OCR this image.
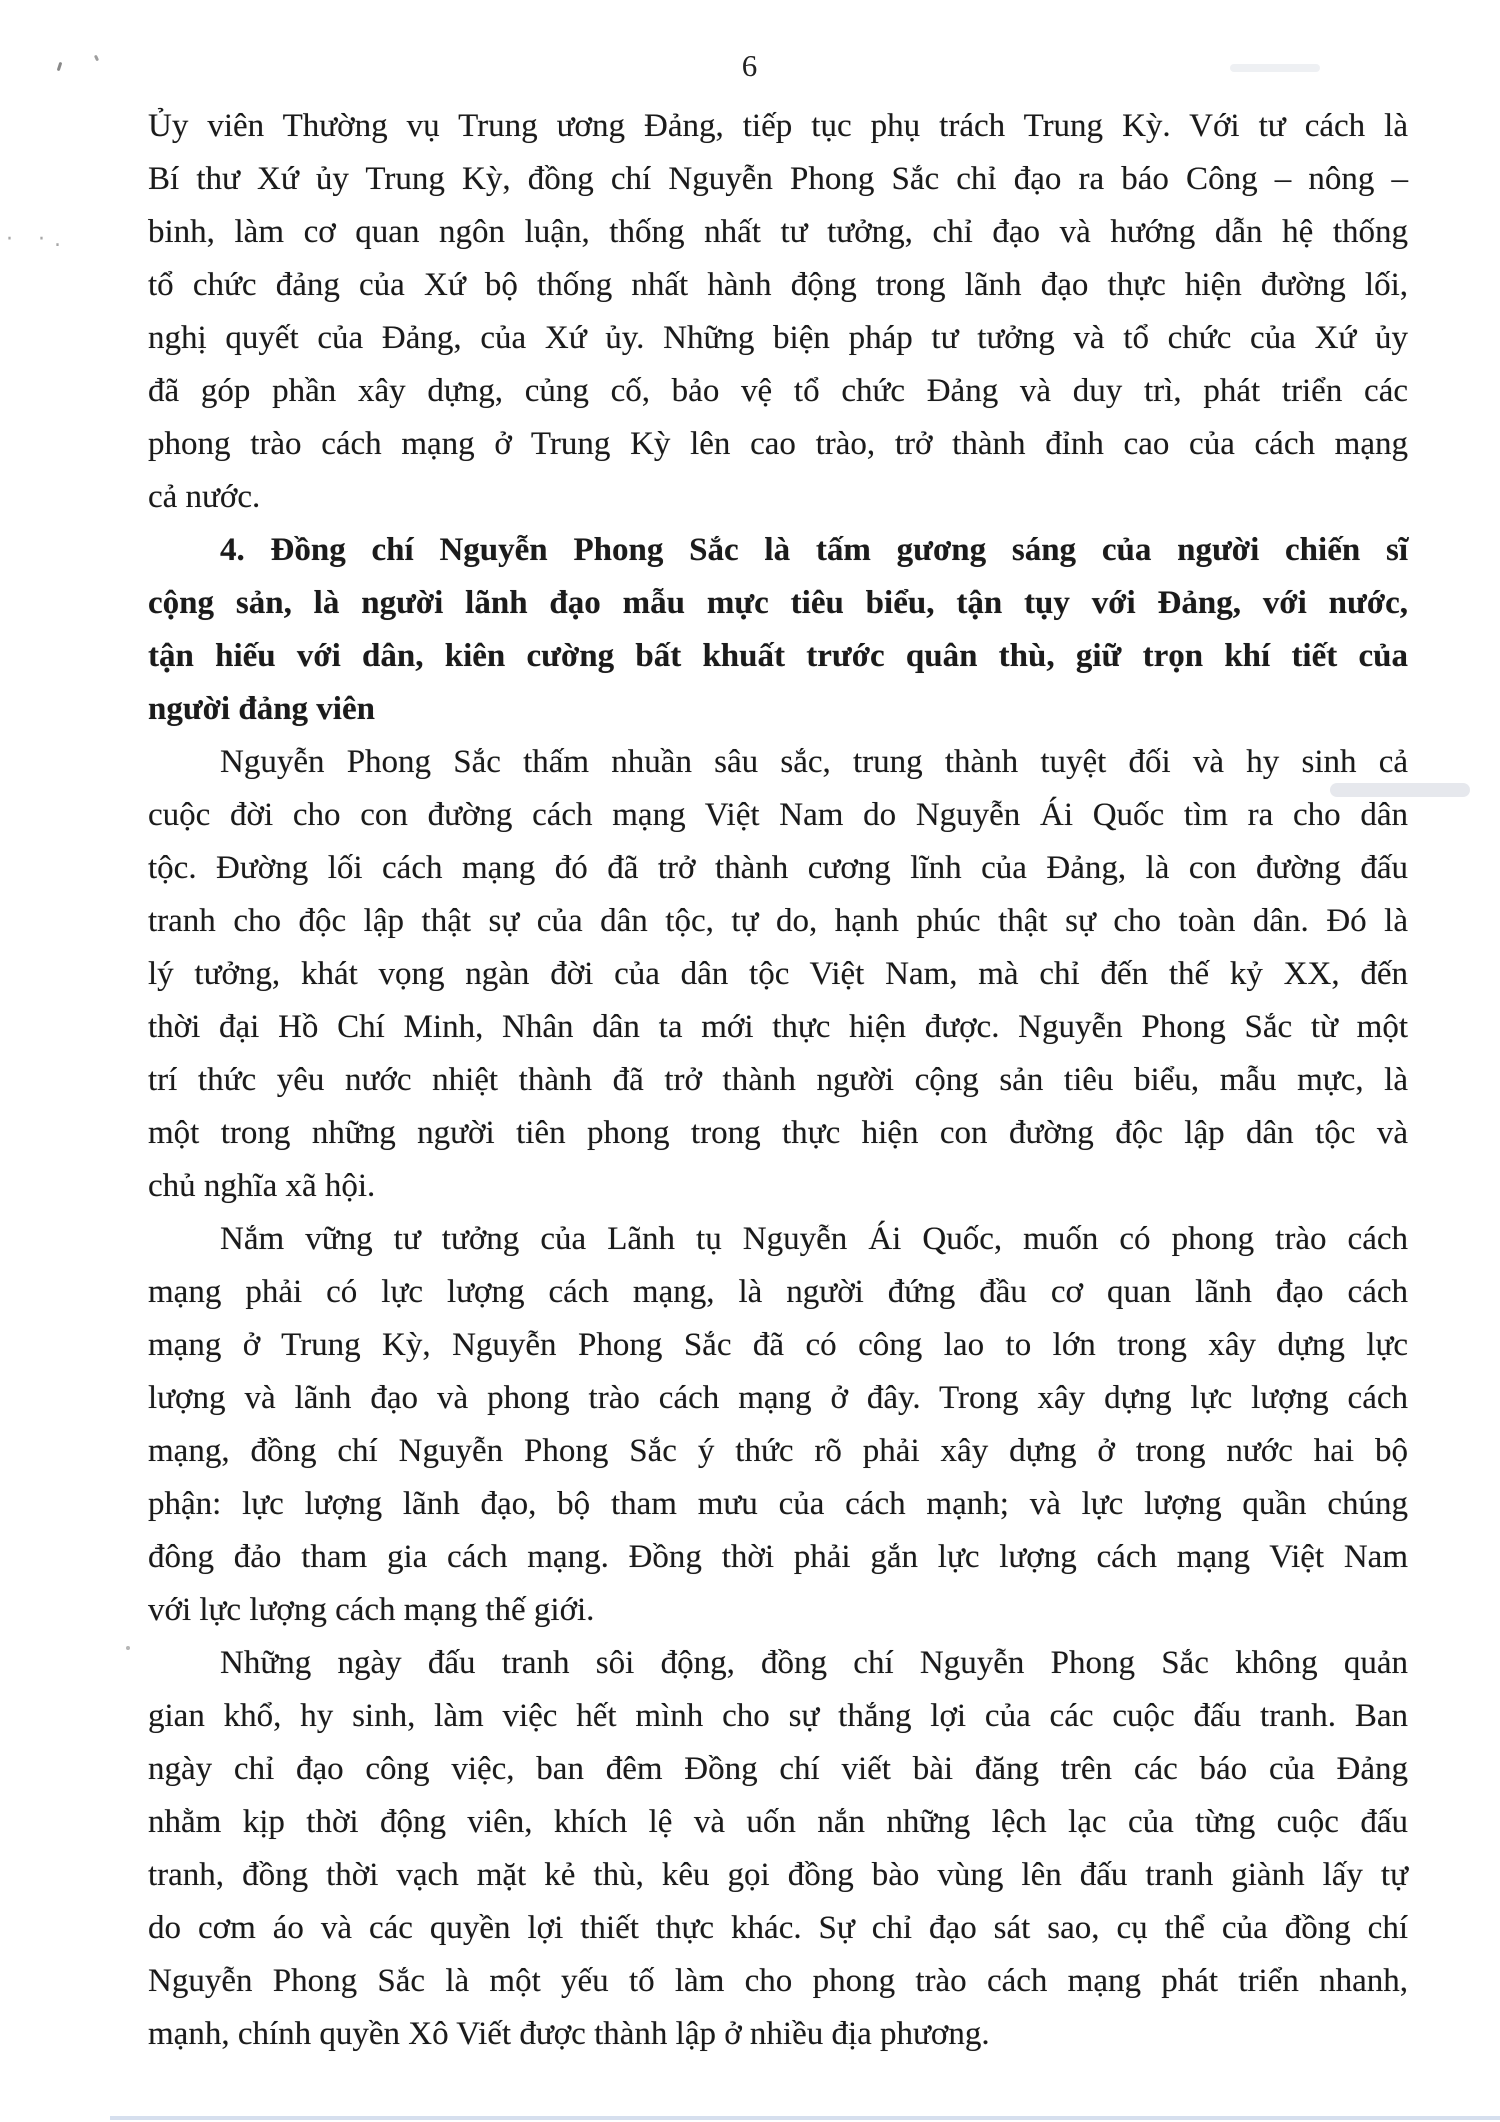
6
· ·.
Ủy viên Thường vụ Trung ương Đảng, tiếp tục phụ trách Trung Kỳ. Với tư cách là
Bí thư Xứ ủy Trung Kỳ, đồng chí Nguyễn Phong Sắc chỉ đạo ra báo Công – nông –
binh, làm cơ quan ngôn luận, thống nhất tư tưởng, chỉ đạo và hướng dẫn hệ thống
tổ chức đảng của Xứ bộ thống nhất hành động trong lãnh đạo thực hiện đường lối,
nghị quyết của Đảng, của Xứ ủy. Những biện pháp tư tưởng và tổ chức của Xứ ủy
đã góp phần xây dựng, củng cố, bảo vệ tổ chức Đảng và duy trì, phát triển các
phong trào cách mạng ở Trung Kỳ lên cao trào, trở thành đỉnh cao của cách mạng
cả nước.
4. Đồng chí Nguyễn Phong Sắc là tấm gương sáng của người chiến sĩ
cộng sản, là người lãnh đạo mẫu mực tiêu biểu, tận tụy với Đảng, với nước,
tận hiếu với dân, kiên cường bất khuất trước quân thù, giữ trọn khí tiết của
người đảng viên
Nguyễn Phong Sắc thấm nhuần sâu sắc, trung thành tuyệt đối và hy sinh cả
cuộc đời cho con đường cách mạng Việt Nam do Nguyễn Ái Quốc tìm ra cho dân
tộc. Đường lối cách mạng đó đã trở thành cương lĩnh của Đảng, là con đường đấu
tranh cho độc lập thật sự của dân tộc, tự do, hạnh phúc thật sự cho toàn dân. Đó là
lý tưởng, khát vọng ngàn đời của dân tộc Việt Nam, mà chỉ đến thế kỷ XX, đến
thời đại Hồ Chí Minh, Nhân dân ta mới thực hiện được. Nguyễn Phong Sắc từ một
trí thức yêu nước nhiệt thành đã trở thành người cộng sản tiêu biểu, mẫu mực, là
một trong những người tiên phong trong thực hiện con đường độc lập dân tộc và
chủ nghĩa xã hội.
Nắm vững tư tưởng của Lãnh tụ Nguyễn Ái Quốc, muốn có phong trào cách
mạng phải có lực lượng cách mạng, là người đứng đầu cơ quan lãnh đạo cách
mạng ở Trung Kỳ, Nguyễn Phong Sắc đã có công lao to lớn trong xây dựng lực
lượng và lãnh đạo và phong trào cách mạng ở đây. Trong xây dựng lực lượng cách
mạng, đồng chí Nguyễn Phong Sắc ý thức rõ phải xây dựng ở trong nước hai bộ
phận: lực lượng lãnh đạo, bộ tham mưu của cách mạnh; và lực lượng quần chúng
đông đảo tham gia cách mạng. Đồng thời phải gắn lực lượng cách mạng Việt Nam
với lực lượng cách mạng thế giới.
Những ngày đấu tranh sôi động, đồng chí Nguyễn Phong Sắc không quản
gian khổ, hy sinh, làm việc hết mình cho sự thắng lợi của các cuộc đấu tranh. Ban
ngày chỉ đạo công việc, ban đêm Đồng chí viết bài đăng trên các báo của Đảng
nhằm kịp thời động viên, khích lệ và uốn nắn những lệch lạc của từng cuộc đấu
tranh, đồng thời vạch mặt kẻ thù, kêu gọi đồng bào vùng lên đấu tranh giành lấy tự
do cơm áo và các quyền lợi thiết thực khác. Sự chỉ đạo sát sao, cụ thể của đồng chí
Nguyễn Phong Sắc là một yếu tố làm cho phong trào cách mạng phát triển nhanh,
mạnh, chính quyền Xô Viết được thành lập ở nhiều địa phương.
